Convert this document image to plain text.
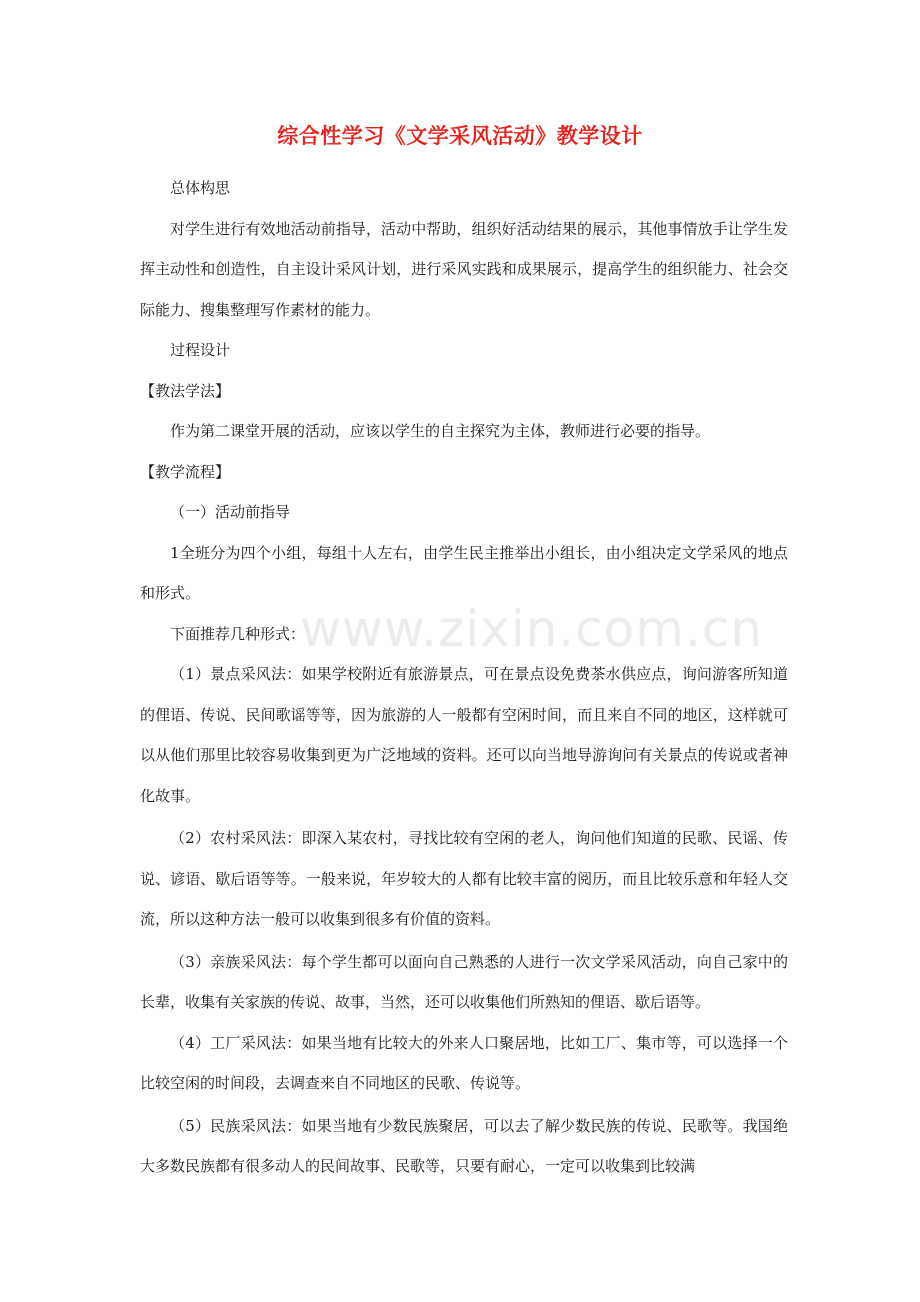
综合性学习《文学采风活动》教学设计

总体构思

对学生进行有效地活动前指导，活动中帮助，组织好活动结果的展示，其他事情放手让学生发挥主动性和创造性，自主设计采风计划，进行采风实践和成果展示，提高学生的组织能力、社会交际能力、搜集整理写作素材的能力。

过程设计

【教法学法】

作为第二课堂开展的活动，应该以学生的自主探究为主体，教师进行必要的指导。

【教学流程】

（一）活动前指导

1全班分为四个小组，每组十人左右，由学生民主推举出小组长，由小组决定文学采风的地点和形式。

下面推荐几种形式：

（1）景点采风法：如果学校附近有旅游景点，可在景点设免费茶水供应点，询问游客所知道的俚语、传说、民间歌谣等等，因为旅游的人一般都有空闲时间，而且来自不同的地区，这样就可以从他们那里比较容易收集到更为广泛地域的资料。还可以向当地导游询问有关景点的传说或者神化故事。

（2）农村采风法：即深入某农村，寻找比较有空闲的老人，询问他们知道的民歌、民谣、传说、谚语、歇后语等等。一般来说，年岁较大的人都有比较丰富的阅历，而且比较乐意和年轻人交流，所以这种方法一般可以收集到很多有价值的资料。

（3）亲族采风法：每个学生都可以面向自己熟悉的人进行一次文学采风活动，向自己家中的长辈，收集有关家族的传说、故事，当然，还可以收集他们所熟知的俚语、歇后语等。

（4）工厂采风法：如果当地有比较大的外来人口聚居地，比如工厂、集市等，可以选择一个比较空闲的时间段，去调查来自不同地区的民歌、传说等。

（5）民族采风法：如果当地有少数民族聚居，可以去了解少数民族的传说、民歌等。我国绝大多数民族都有很多动人的民间故事、民歌等，只要有耐心，一定可以收集到比较满

www.zixin.com.cn
